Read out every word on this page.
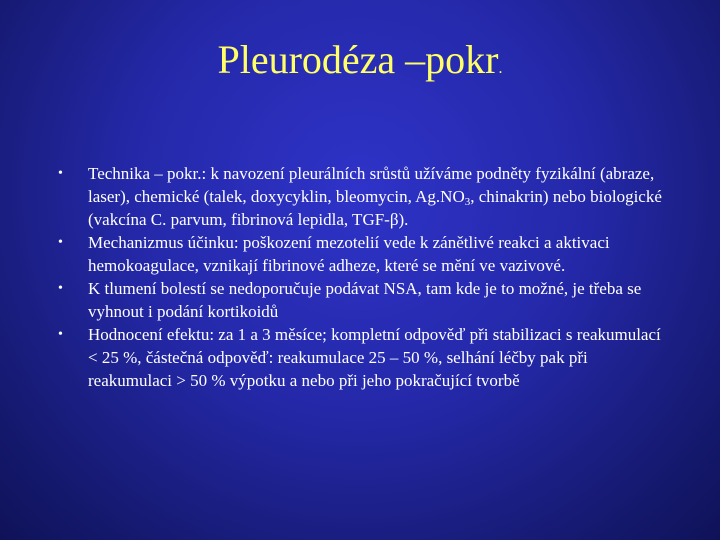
Pleurodéza –pokr.
•	Technika – pokr.: k navození pleurálních srůstů užíváme podněty fyzikální (abraze, laser), chemické (talek, doxycyklin, bleomycin, $Ag.NO_3$, chinakrin) nebo biologické (vakcína C. parvum, fibrinová lepidla, TGF-β).
•	Mechanizmus účinku: poškození mezotelií vede k zánětlivé reakci a aktivaci hemokoagulace, vznikají fibrinové adheze, které se mění ve vazivové.
•	K tlumení bolestí se nedoporučuje podávat NSA, tam kde je to možné, je třeba se vyhnout i podání kortikoidů
•	Hodnocení efektu: za 1 a 3 měsíce; kompletní odpověď při stabilizaci s reakumulací < 25 %, částečná odpověď: reakumulace 25 – 50 %, selhání léčby pak při reakumulaci > 50 % výpotku a nebo při jeho pokračující tvorbě
